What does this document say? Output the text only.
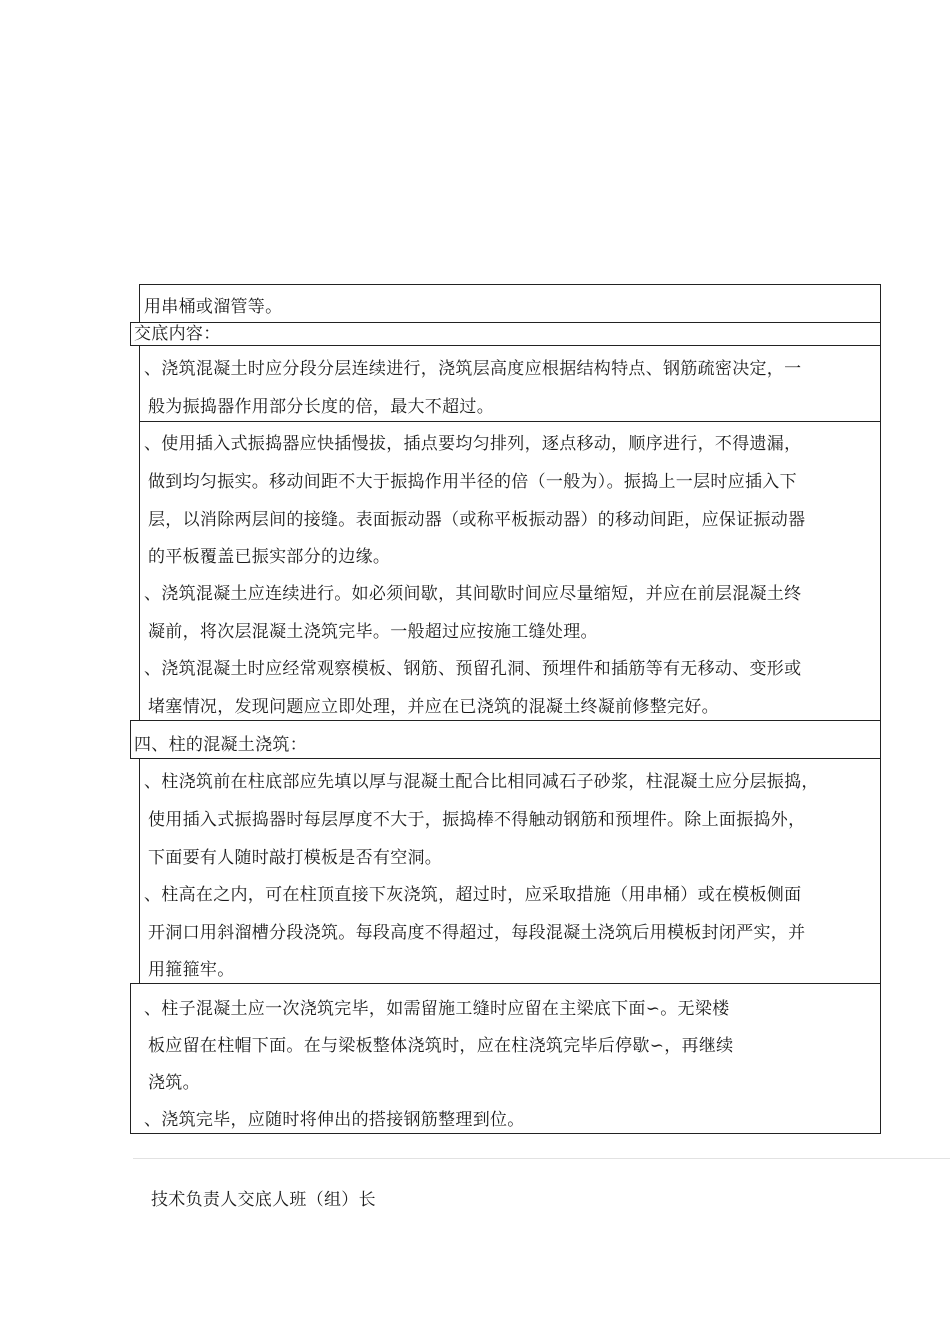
用串桶或溜管等。
交底内容：
、浇筑混凝土时应分段分层连续进行，浇筑层高度应根据结构特点、钢筋疏密决定，一
般为振捣器作用部分长度的倍，最大不超过。
、使用插入式振捣器应快插慢拔，插点要均匀排列，逐点移动，顺序进行，不得遗漏，
做到均匀振实。移动间距不大于振捣作用半径的倍（一般为）。振捣上一层时应插入下
层，以消除两层间的接缝。表面振动器（或称平板振动器）的移动间距，应保证振动器
的平板覆盖已振实部分的边缘。
、浇筑混凝土应连续进行。如必须间歇，其间歇时间应尽量缩短，并应在前层混凝土终
凝前，将次层混凝土浇筑完毕。一般超过应按施工缝处理。
、浇筑混凝土时应经常观察模板、钢筋、预留孔洞、预埋件和插筋等有无移动、变形或
堵塞情况，发现问题应立即处理，并应在已浇筑的混凝土终凝前修整完好。
四、柱的混凝土浇筑：
、柱浇筑前在柱底部应先填以厚与混凝土配合比相同减石子砂浆，柱混凝土应分层振捣，
使用插入式振捣器时每层厚度不大于，振捣棒不得触动钢筋和预埋件。除上面振捣外，
下面要有人随时敲打模板是否有空洞。
、柱高在之内，可在柱顶直接下灰浇筑，超过时，应采取措施（用串桶）或在模板侧面
开洞口用斜溜槽分段浇筑。每段高度不得超过，每段混凝土浇筑后用模板封闭严实，并
用箍箍牢。
、柱子混凝土应一次浇筑完毕，如需留施工缝时应留在主梁底下面∽。无梁楼
板应留在柱帽下面。在与梁板整体浇筑时，应在柱浇筑完毕后停歇∽，再继续
浇筑。
、浇筑完毕，应随时将伸出的搭接钢筋整理到位。
技术负责人交底人班（组）长
